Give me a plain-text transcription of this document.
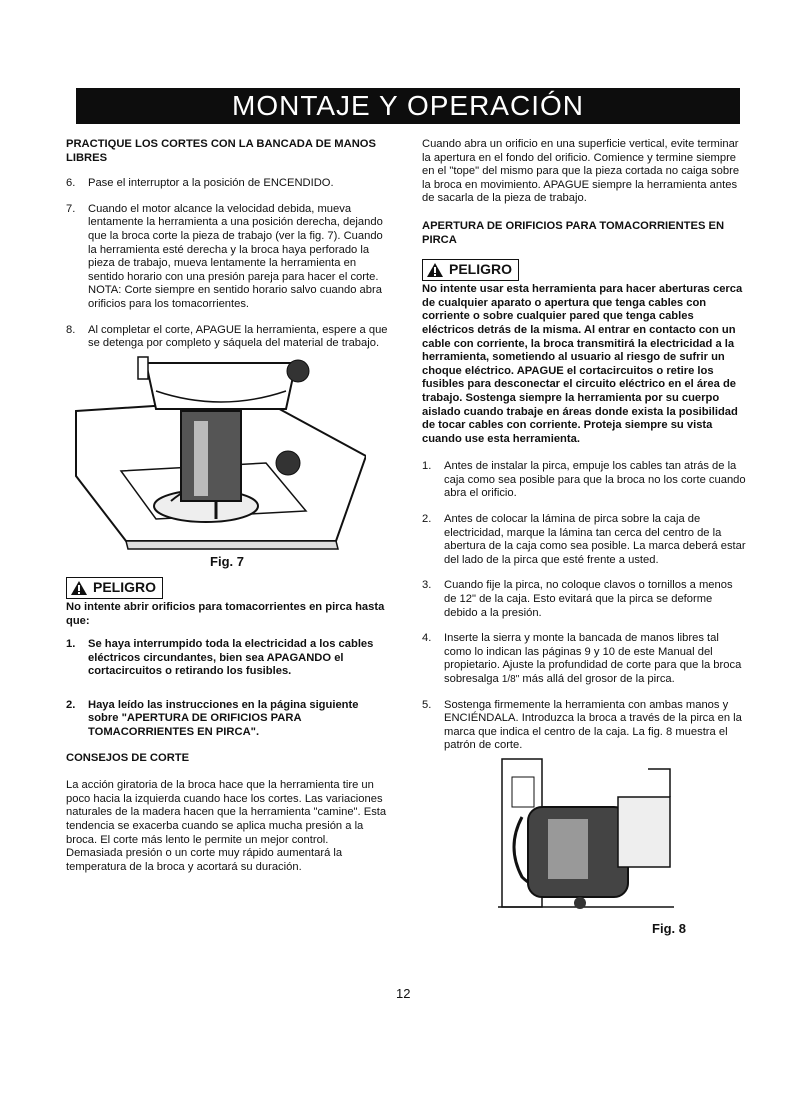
MONTAJE Y OPERACIÓN
PRACTIQUE LOS CORTES CON LA BANCADA DE MANOS LIBRES
6.	Pase el interruptor a la posición de ENCENDIDO.
7.	Cuando el motor alcance la velocidad debida, mueva lentamente la herramienta a una posición derecha, dejando que la broca corte la pieza de trabajo (ver la fig. 7). Cuando la herramienta esté derecha y la broca haya perforado la pieza de trabajo, mueva lentamente la herramienta en sentido horario con una presión pareja para hacer el corte.
NOTA: Corte siempre en sentido horario salvo cuando abra orificios para los tomacorrientes.
8.	Al completar el corte, APAGUE la herramienta, espere a que se detenga por completo y sáquela del material de trabajo.
Fig. 7
PELIGRO
No intente abrir orificios para tomacorrientes en pirca hasta que:
1.	Se haya interrumpido toda la electricidad a los cables eléctricos circundantes, bien sea APAGANDO el cortacircuitos o retirando los fusibles.
2.	Haya leído las instrucciones en la página siguiente sobre "APERTURA DE ORIFICIOS PARA TOMACORRIENTES EN PIRCA".
CONSEJOS DE CORTE

La acción giratoria de la broca hace que la herramienta tire un poco hacia la izquierda cuando hace los cortes. Las variaciones naturales de la madera hacen que la herramienta "camine". Esta tendencia se exacerba cuando se aplica mucha presión a la broca. El corte más lento le permite un mejor control. Demasiada presión o un corte muy rápido aumentará la temperatura de la broca y acortará su duración.

Cuando abra un orificio en una superficie vertical, evite terminar la apertura en el fondo del orificio. Comience y termine siempre en el "tope" del mismo para que la pieza cortada no caiga sobre la broca en movimiento. APAGUE siempre la herramienta antes de sacarla de la pieza de trabajo.

APERTURA DE ORIFICIOS PARA TOMACORRIENTES EN PIRCA
PELIGRO
No intente usar esta herramienta para hacer aberturas cerca de cualquier aparato o apertura que tenga cables con corriente o sobre cualquier pared que tenga cables eléctricos detrás de la misma. Al entrar en contacto con un cable con corriente, la broca transmitirá la electricidad a la herramienta, sometiendo al usuario al riesgo de sufrir un choque eléctrico. APAGUE el cortacircuitos o retire los fusibles para desconectar el circuito eléctrico en el área de trabajo. Sostenga siempre la herramienta por su cuerpo aislado cuando trabaje en áreas donde exista la posibilidad de tocar cables con corriente. Proteja siempre su vista cuando use esta herramienta.
1.	Antes de instalar la pirca, empuje los cables tan atrás de la caja como sea posible para que la broca no los corte cuando abra el orificio.
2.	Antes de colocar la lámina de pirca sobre la caja de electricidad, marque la lámina tan cerca del centro de la abertura de la caja como sea posible. La marca deberá estar del lado de la pirca que esté frente a usted.
3.	Cuando fije la pirca, no coloque clavos o tornillos a menos de 12" de la caja. Esto evitará que la pirca se deforme debido a la presión.
4.	Inserte la sierra y monte la bancada de manos libres tal como lo indican las páginas 9 y 10 de este Manual del propietario. Ajuste la profundidad de corte para que la broca sobresalga 1/8" más allá del grosor de la pirca.
5.	Sostenga firmemente la herramienta con ambas manos y ENCIÉNDALA. Introduzca la broca a través de la pirca en la marca que indica el centro de la caja. La fig. 8 muestra el patrón de corte.
Fig. 8
12
